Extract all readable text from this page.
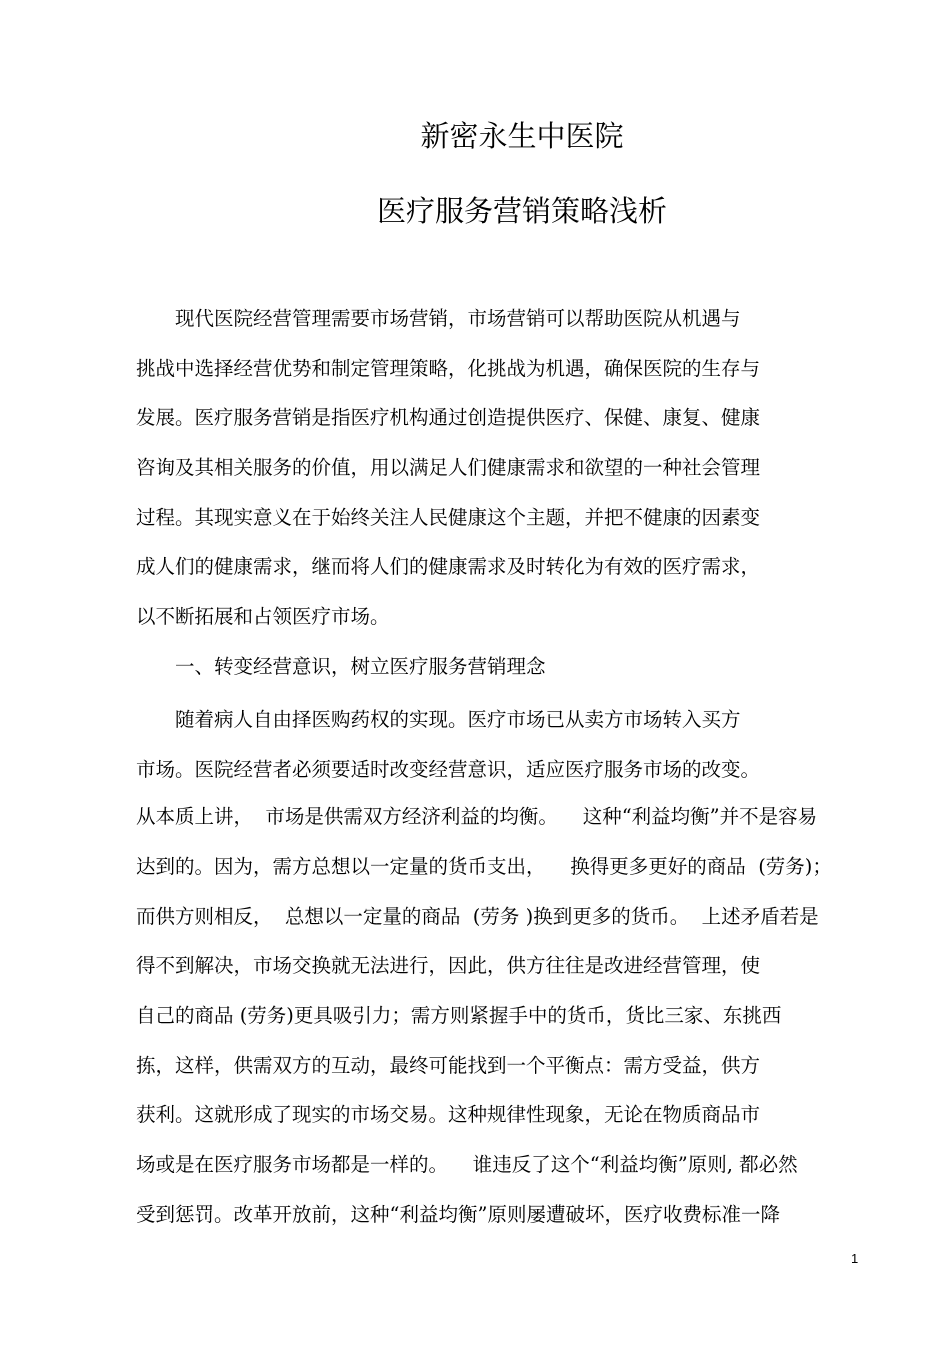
新密永生中医院
医疗服务营销策略浅析

现代医院经营管理需要市场营销，市场营销可以帮助医院从机遇与

挑战中选择经营优势和制定管理策略，化挑战为机遇，确保医院的生存与

发展。医疗服务营销是指医疗机构通过创造提供医疗、保健、康复、健康

咨询及其相关服务的价值，用以满足人们健康需求和欲望的一种社会管理

过程。其现实意义在于始终关注人民健康这个主题，并把不健康的因素变

成人们的健康需求，继而将人们的健康需求及时转化为有效的医疗需求，

以不断拓展和占领医疗市场。

一、转变经营意识，树立医疗服务营销理念

随着病人自由择医购药权的实现。医疗市场已从卖方市场转入买方

市场。医院经营者必须要适时改变经营意识，适应医疗服务市场的改变。

从本质上讲，  市场是供需双方经济利益的均衡。    这种“利益均衡”并不是容易

达到的。因为，需方总想以一定量的货币支出，    换得更多更好的商品  (劳务)；

而供方则相反，  总想以一定量的商品  (劳务 )换到更多的货币。  上述矛盾若是

得不到解决，市场交换就无法进行，因此，供方往往是改进经营管理，使

自己的商品 (劳务)更具吸引力；需方则紧握手中的货币，货比三家、东挑西

拣，这样，供需双方的互动，最终可能找到一个平衡点：需方受益，供方

获利。这就形成了现实的市场交易。这种规律性现象，无论在物质商品市

场或是在医疗服务市场都是一样的。    谁违反了这个“利益均衡”原则, 都必然

受到惩罚。改革开放前，这种“利益均衡”原则屡遭破坏，医疗收费标准一降

1
